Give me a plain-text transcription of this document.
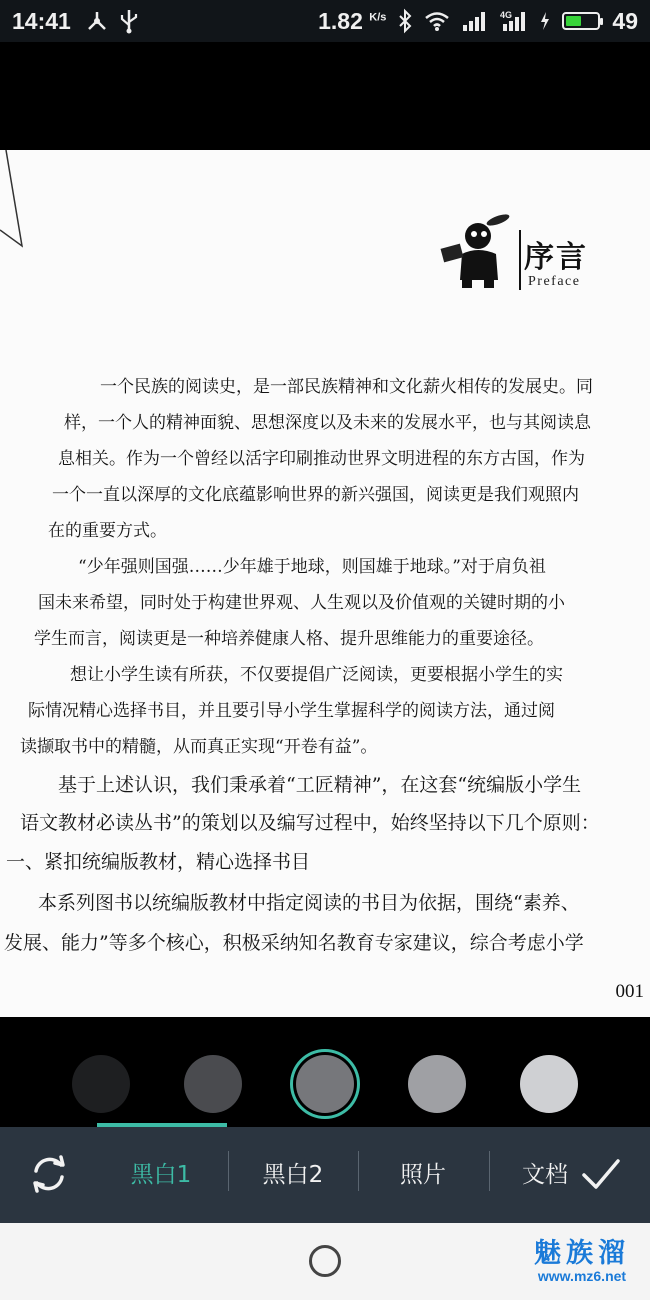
14:41	1.82 $^{K/s}$	4G	49
序言
Preface
一个民族的阅读史，是一部民族精神和文化薪火相传的发展史。同
样，一个人的精神面貌、思想深度以及未来的发展水平，也与其阅读息
息相关。作为一个曾经以活字印刷推动世界文明进程的东方古国，作为
一个一直以深厚的文化底蕴影响世界的新兴强国，阅读更是我们观照内
在的重要方式。
“少年强则国强……少年雄于地球，则国雄于地球。”对于肩负祖
国未来希望，同时处于构建世界观、人生观以及价值观的关键时期的小
学生而言，阅读更是一种培养健康人格、提升思维能力的重要途径。
想让小学生读有所获，不仅要提倡广泛阅读，更要根据小学生的实
际情况精心选择书目，并且要引导小学生掌握科学的阅读方法，通过阅
读撷取书中的精髓，从而真正实现“开卷有益”。
基于上述认识，我们秉承着“工匠精神”，在这套“统编版小学生
语文教材必读丛书”的策划以及编写过程中，始终坚持以下几个原则：
一、紧扣统编版教材，精心选择书目
本系列图书以统编版教材中指定阅读的书目为依据，围绕“素养、
发展、能力”等多个核心，积极采纳知名教育专家建议，综合考虑小学
001
黑白1	黑白2	照片	文档
魅族溜
www.mz6.net
